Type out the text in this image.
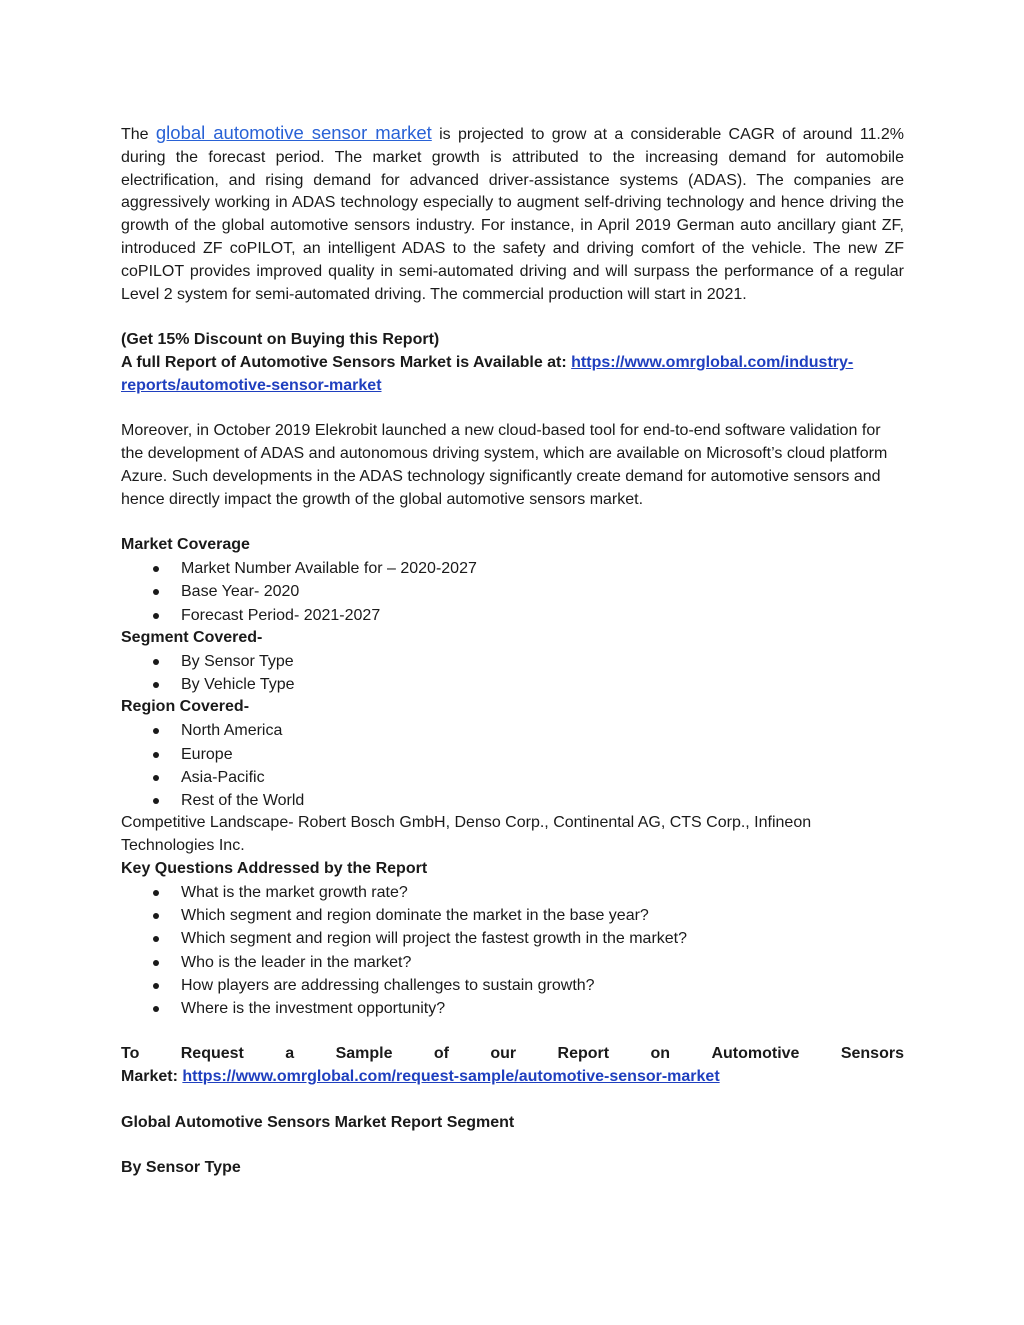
The global automotive sensor market is projected to grow at a considerable CAGR of around 11.2% during the forecast period. The market growth is attributed to the increasing demand for automobile electrification, and rising demand for advanced driver-assistance systems (ADAS). The companies are aggressively working in ADAS technology especially to augment self-driving technology and hence driving the growth of the global automotive sensors industry. For instance, in April 2019 German auto ancillary giant ZF, introduced ZF coPILOT, an intelligent ADAS to the safety and driving comfort of the vehicle. The new ZF coPILOT provides improved quality in semi-automated driving and will surpass the performance of a regular Level 2 system for semi-automated driving. The commercial production will start in 2021.

(Get 15% Discount on Buying this Report)

A full Report of Automotive Sensors Market is Available at: https://www.omrglobal.com/industry-reports/automotive-sensor-market

Moreover, in October 2019 Elekrobit launched a new cloud-based tool for end-to-end software validation for the development of ADAS and autonomous driving system, which are available on Microsoft’s cloud platform Azure. Such developments in the ADAS technology significantly create demand for automotive sensors and hence directly impact the growth of the global automotive sensors market.

Market Coverage

Market Number Available for – 2020-2027
Base Year- 2020
Forecast Period- 2021-2027

Segment Covered-

By Sensor Type
By Vehicle Type

Region Covered-

North America
Europe
Asia-Pacific
Rest of the World

Competitive Landscape- Robert Bosch GmbH, Denso Corp., Continental AG, CTS Corp., Infineon Technologies Inc.

Key Questions Addressed by the Report

What is the market growth rate?
Which segment and region dominate the market in the base year?
Which segment and region will project the fastest growth in the market?
Who is the leader in the market?
How players are addressing challenges to sustain growth?
Where is the investment opportunity?
To	Request	a	Sample	of	our	Report	on	Automotive	Sensors

Market: https://www.omrglobal.com/request-sample/automotive-sensor-market

Global Automotive Sensors Market Report Segment

By Sensor Type
